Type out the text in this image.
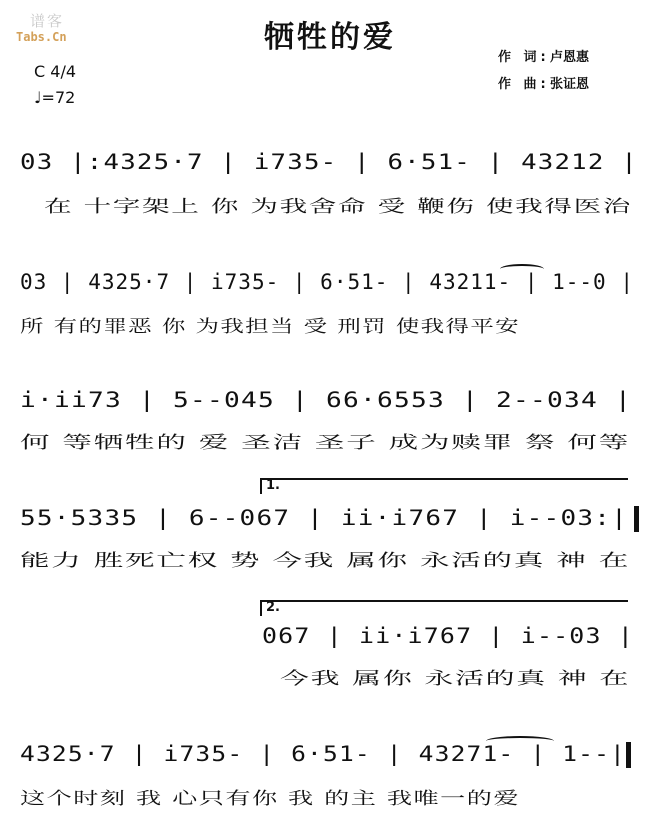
谱客
Tabs.Cn	牺牲的爱
作 词:卢恩惠
作 曲:张证恩
C 4/4
♩=72
03 |:4325·7 | i735- | 6·51- | 43212 |
在 十字架上 你 为我舍命 受 鞭伤 使我得医治
03 | 4325·7 | i735- | 6·51- | 43211- | 1--0 |
所 有的罪恶 你 为我担当 受 刑罚 使我得平安
i·ii73 | 5--045 | 66·6553 | 2--034 |
何 等牺牲的 爱 圣洁 圣子 成为赎罪 祭 何等
1.
55·5335 | 6--067 | ii·i767 | i--03:|
能力 胜死亡权 势 今我 属你 永活的真 神 在
2.
067 | ii·i767 | i--03 |
今我 属你 永活的真 神 在
4325·7 | i735- | 6·51- | 43271- | 1--|
这个时刻 我 心只有你 我 的主 我唯一的爱
